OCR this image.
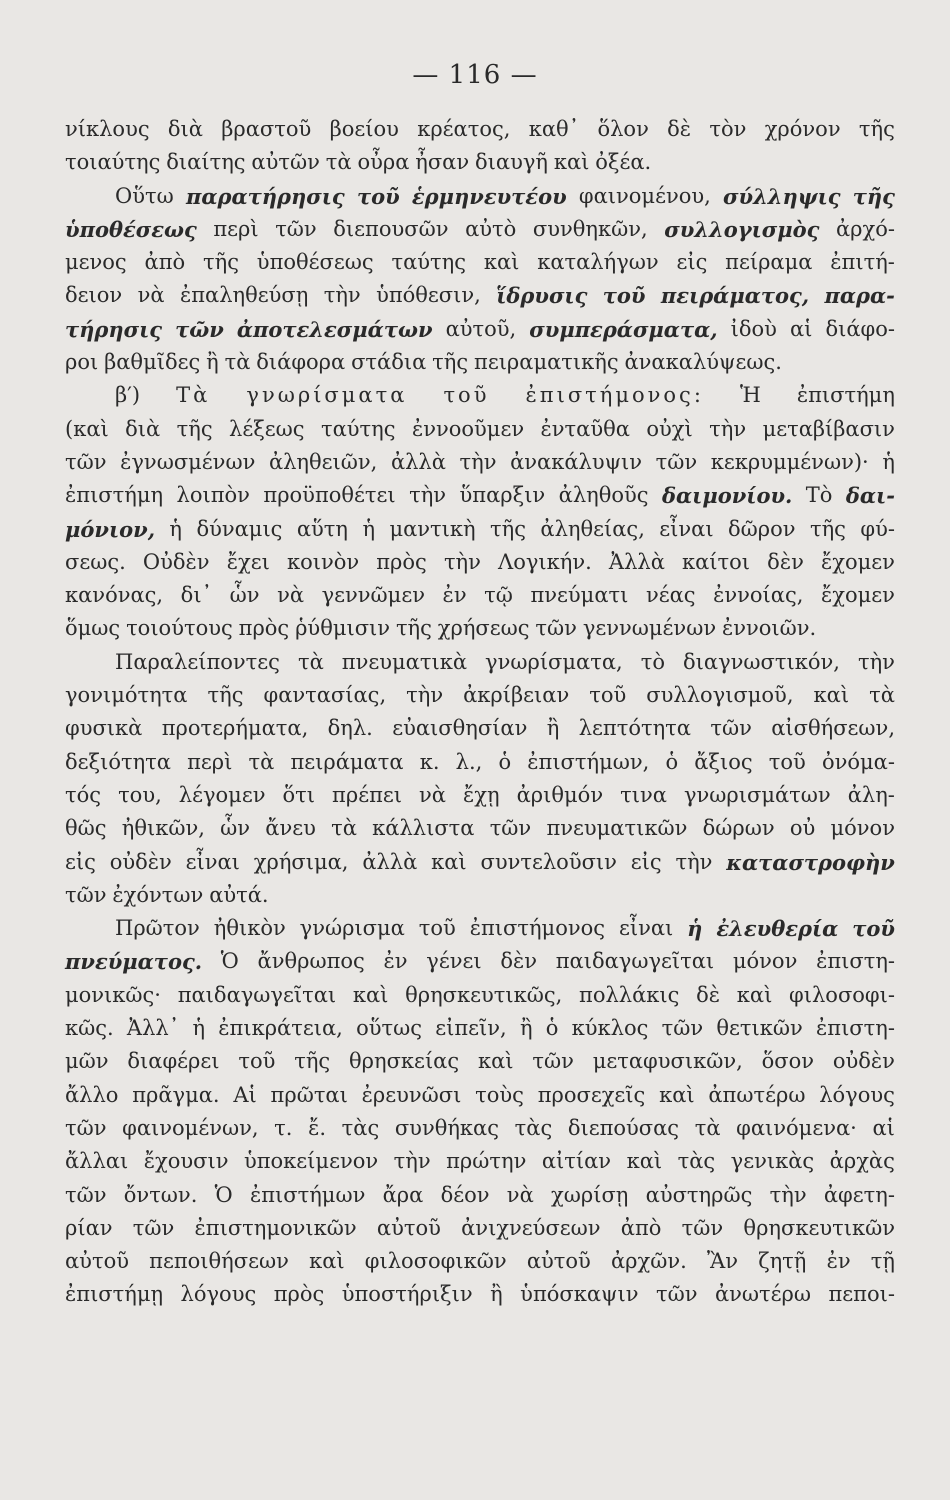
— 116 —
νίκλους διὰ βραστοῦ βοείου κρέατος, καθ᾿ ὅλον δὲ τὸν χρόνον τῆς
τοιαύτης διαίτης αὐτῶν τὰ οὖρα ἦσαν διαυγῆ καὶ ὀξέα.
Οὕτω παρατήρησις τοῦ ἑρμηνευτέου φαινομένου, σύλληψις τῆς
ὑποθέσεως περὶ τῶν διεπουσῶν αὐτὸ συνθηκῶν, συλλογισμὸς ἀρχό-
μενος ἀπὸ τῆς ὑποθέσεως ταύτης καὶ καταλήγων εἰς πείραμα ἐπιτή-
δειον νὰ ἐπαληθεύσῃ τὴν ὑπόθεσιν, ἵδρυσις τοῦ πειράματος, παρα-
τήρησις τῶν ἀποτελεσμάτων αὐτοῦ, συμπεράσματα, ἰδοὺ αἱ διάφο-
ροι βαθμῖδες ἢ τὰ διάφορα στάδια τῆς πειραματικῆς ἀνακαλύψεως.
β′) Τὰ γνωρίσματα τοῦ ἐπιστήμονος: Ἡ ἐπιστήμη
(καὶ διὰ τῆς λέξεως ταύτης ἐννοοῦμεν ἐνταῦθα οὐχὶ τὴν μεταβίβασιν
τῶν ἐγνωσμένων ἀληθειῶν, ἀλλὰ τὴν ἀνακάλυψιν τῶν κεκρυμμένων)· ἡ
ἐπιστήμη λοιπὸν προϋποθέτει τὴν ὕπαρξιν ἀληθοῦς δαιμονίου. Τὸ δαι-
μόνιον, ἡ δύναμις αὕτη ἡ μαντικὴ τῆς ἀληθείας, εἶναι δῶρον τῆς φύ-
σεως. Οὐδὲν ἔχει κοινὸν πρὸς τὴν Λογικήν. Ἀλλὰ καίτοι δὲν ἔχομεν
κανόνας, δι᾿ ὧν νὰ γεννῶμεν ἐν τῷ πνεύματι νέας ἐννοίας, ἔχομεν
ὅμως τοιούτους πρὸς ῥύθμισιν τῆς χρήσεως τῶν γεννωμένων ἐννοιῶν.
Παραλείποντες τὰ πνευματικὰ γνωρίσματα, τὸ διαγνωστικόν, τὴν
γονιμότητα τῆς φαντασίας, τὴν ἀκρίβειαν τοῦ συλλογισμοῦ, καὶ τὰ
φυσικὰ προτερήματα, δηλ. εὐαισθησίαν ἢ λεπτότητα τῶν αἰσθήσεων,
δεξιότητα περὶ τὰ πειράματα κ. λ., ὁ ἐπιστήμων, ὁ ἄξιος τοῦ ὀνόμα-
τός του, λέγομεν ὅτι πρέπει νὰ ἔχῃ ἀριθμόν τινα γνωρισμάτων ἀλη-
θῶς ἠθικῶν, ὧν ἄνευ τὰ κάλλιστα τῶν πνευματικῶν δώρων οὐ μόνον
εἰς οὐδὲν εἶναι χρήσιμα, ἀλλὰ καὶ συντελοῦσιν εἰς τὴν καταστροφὴν
τῶν ἐχόντων αὐτά.
Πρῶτον ἠθικὸν γνώρισμα τοῦ ἐπιστήμονος εἶναι ἡ ἐλευθερία τοῦ
πνεύματος. Ὁ ἄνθρωπος ἐν γένει δὲν παιδαγωγεῖται μόνον ἐπιστη-
μονικῶς· παιδαγωγεῖται καὶ θρησκευτικῶς, πολλάκις δὲ καὶ φιλοσοφι-
κῶς. Ἀλλ᾿ ἡ ἐπικράτεια, οὕτως εἰπεῖν, ἢ ὁ κύκλος τῶν θετικῶν ἐπιστη-
μῶν διαφέρει τοῦ τῆς θρησκείας καὶ τῶν μεταφυσικῶν, ὅσον οὐδὲν
ἄλλο πρᾶγμα. Αἱ πρῶται ἐρευνῶσι τοὺς προσεχεῖς καὶ ἀπωτέρω λόγους
τῶν φαινομένων, τ. ἔ. τὰς συνθήκας τὰς διεπούσας τὰ φαινόμενα· αἱ
ἄλλαι ἔχουσιν ὑποκείμενον τὴν πρώτην αἰτίαν καὶ τὰς γενικὰς ἀρχὰς
τῶν ὄντων. Ὁ ἐπιστήμων ἄρα δέον νὰ χωρίσῃ αὐστηρῶς τὴν ἀφετη-
ρίαν τῶν ἐπιστημονικῶν αὐτοῦ ἀνιχνεύσεων ἀπὸ τῶν θρησκευτικῶν
αὐτοῦ πεποιθήσεων καὶ φιλοσοφικῶν αὐτοῦ ἀρχῶν. Ἂν ζητῇ ἐν τῇ
ἐπιστήμῃ λόγους πρὸς ὑποστήριξιν ἢ ὑπόσκαψιν τῶν ἀνωτέρω πεποι-
